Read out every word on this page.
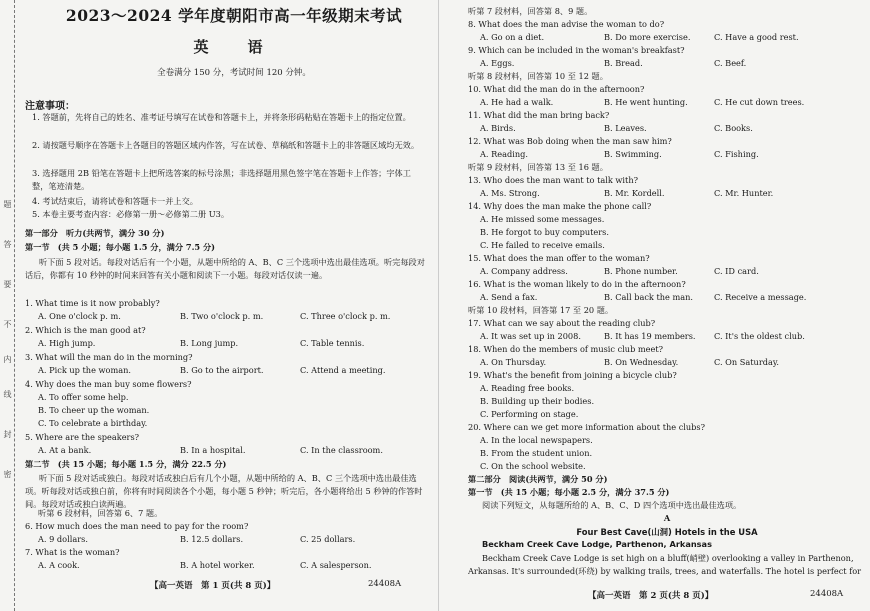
题
答
要
不
内
线
封
密
2023～2024 学年度朝阳市高一年级期末考试
英　语
全卷满分 150 分，考试时间 120 分钟。
注意事项：
1. 答题前，先将自己的姓名、准考证号填写在试卷和答题卡上，并将条形码粘贴在答题卡上的指定位置。
2. 请按题号顺序在答题卡上各题目的答题区域内作答，写在试卷、草稿纸和答题卡上的非答题区域均无效。
3. 选择题用 2B 铅笔在答题卡上把所选答案的标号涂黑；非选择题用黑色签字笔在答题卡上作答；字体工整，笔迹清楚。
4. 考试结束后，请将试卷和答题卡一并上交。
5. 本卷主要考查内容：必修第一册～必修第二册 U3。
第一部分　听力(共两节，满分 30 分)
第一节　(共 5 小题；每小题 1.5 分，满分 7.5 分)
听下面 5 段对话。每段对话后有一个小题，从题中所给的 A、B、C 三个选项中选出最佳选项。听完每段对话后，你都有 10 秒钟的时间来回答有关小题和阅读下一小题。每段对话仅读一遍。
1. What time is it now probably?
A. One o'clock p. m.	B. Two o'clock p. m.	C. Three o'clock p. m.
2. Which is the man good at?
A. High jump.	B. Long jump.	C. Table tennis.
3. What will the man do in the morning?
A. Pick up the woman.	B. Go to the airport.	C. Attend a meeting.
4. Why does the man buy some flowers?
A. To offer some help.
B. To cheer up the woman.
C. To celebrate a birthday.
5. Where are the speakers?
A. At a bank.	B. In a hospital.	C. In the classroom.
第二节　(共 15 小题；每小题 1.5 分，满分 22.5 分)
听下面 5 段对话或独白。每段对话或独白后有几个小题，从题中所给的 A、B、C 三个选项中选出最佳选项。听每段对话或独白前，你将有时间阅读各个小题，每小题 5 秒钟；听完后，各小题将给出 5 秒钟的作答时间。每段对话或独白读两遍。
听第 6 段材料，回答第 6、7 题。
6. How much does the man need to pay for the room?
A. 9 dollars.	B. 12.5 dollars.	C. 25 dollars.
7. What is the woman?
A. A cook.	B. A hotel worker.	C. A salesperson.
【高一英语　第 1 页(共 8 页)】	24408A
听第 7 段材料，回答第 8、9 题。
8. What does the man advise the woman to do?
A. Go on a diet.	B. Do more exercise.	C. Have a good rest.
9. Which can be included in the woman's breakfast?
A. Eggs.	B. Bread.	C. Beef.
听第 8 段材料，回答第 10 至 12 题。
10. What did the man do in the afternoon?
A. He had a walk.	B. He went hunting.	C. He cut down trees.
11. What did the man bring back?
A. Birds.	B. Leaves.	C. Books.
12. What was Bob doing when the man saw him?
A. Reading.	B. Swimming.	C. Fishing.
听第 9 段材料，回答第 13 至 16 题。
13. Who does the man want to talk with?
A. Ms. Strong.	B. Mr. Kordell.	C. Mr. Hunter.
14. Why does the man make the phone call?
A. He missed some messages.
B. He forgot to buy computers.
C. He failed to receive emails.
15. What does the man offer to the woman?
A. Company address.	B. Phone number.	C. ID card.
16. What is the woman likely to do in the afternoon?
A. Send a fax.	B. Call back the man.	C. Receive a message.
听第 10 段材料，回答第 17 至 20 题。
17. What can we say about the reading club?
A. It was set up in 2008.	B. It has 19 members. C. It's the oldest club.
18. When do the members of music club meet?
A. On Thursday.	B. On Wednesday.	C. On Saturday.
19. What's the benefit from joining a bicycle club?
A. Reading free books.
B. Building up their bodies.
C. Performing on stage.
20. Where can we get more information about the clubs?
A. In the local newspapers.
B. From the student union.
C. On the school website.
第二部分　阅读(共两节，满分 50 分)
第一节　(共 15 小题；每小题 2.5 分，满分 37.5 分)
阅读下列短文，从每题所给的 A、B、C、D 四个选项中选出最佳选项。
A
Four Best Cave(山洞) Hotels in the USA
Beckham Creek Cave Lodge, Parthenon, Arkansas
Beckham Creek Cave Lodge is set high on a bluff(峭壁) overlooking a valley in Parthenon, Arkansas. It's surrounded(环绕) by walking trails, trees, and waterfalls. The hotel is perfect for
【高一英语　第 2 页(共 8 页)】	24408A
